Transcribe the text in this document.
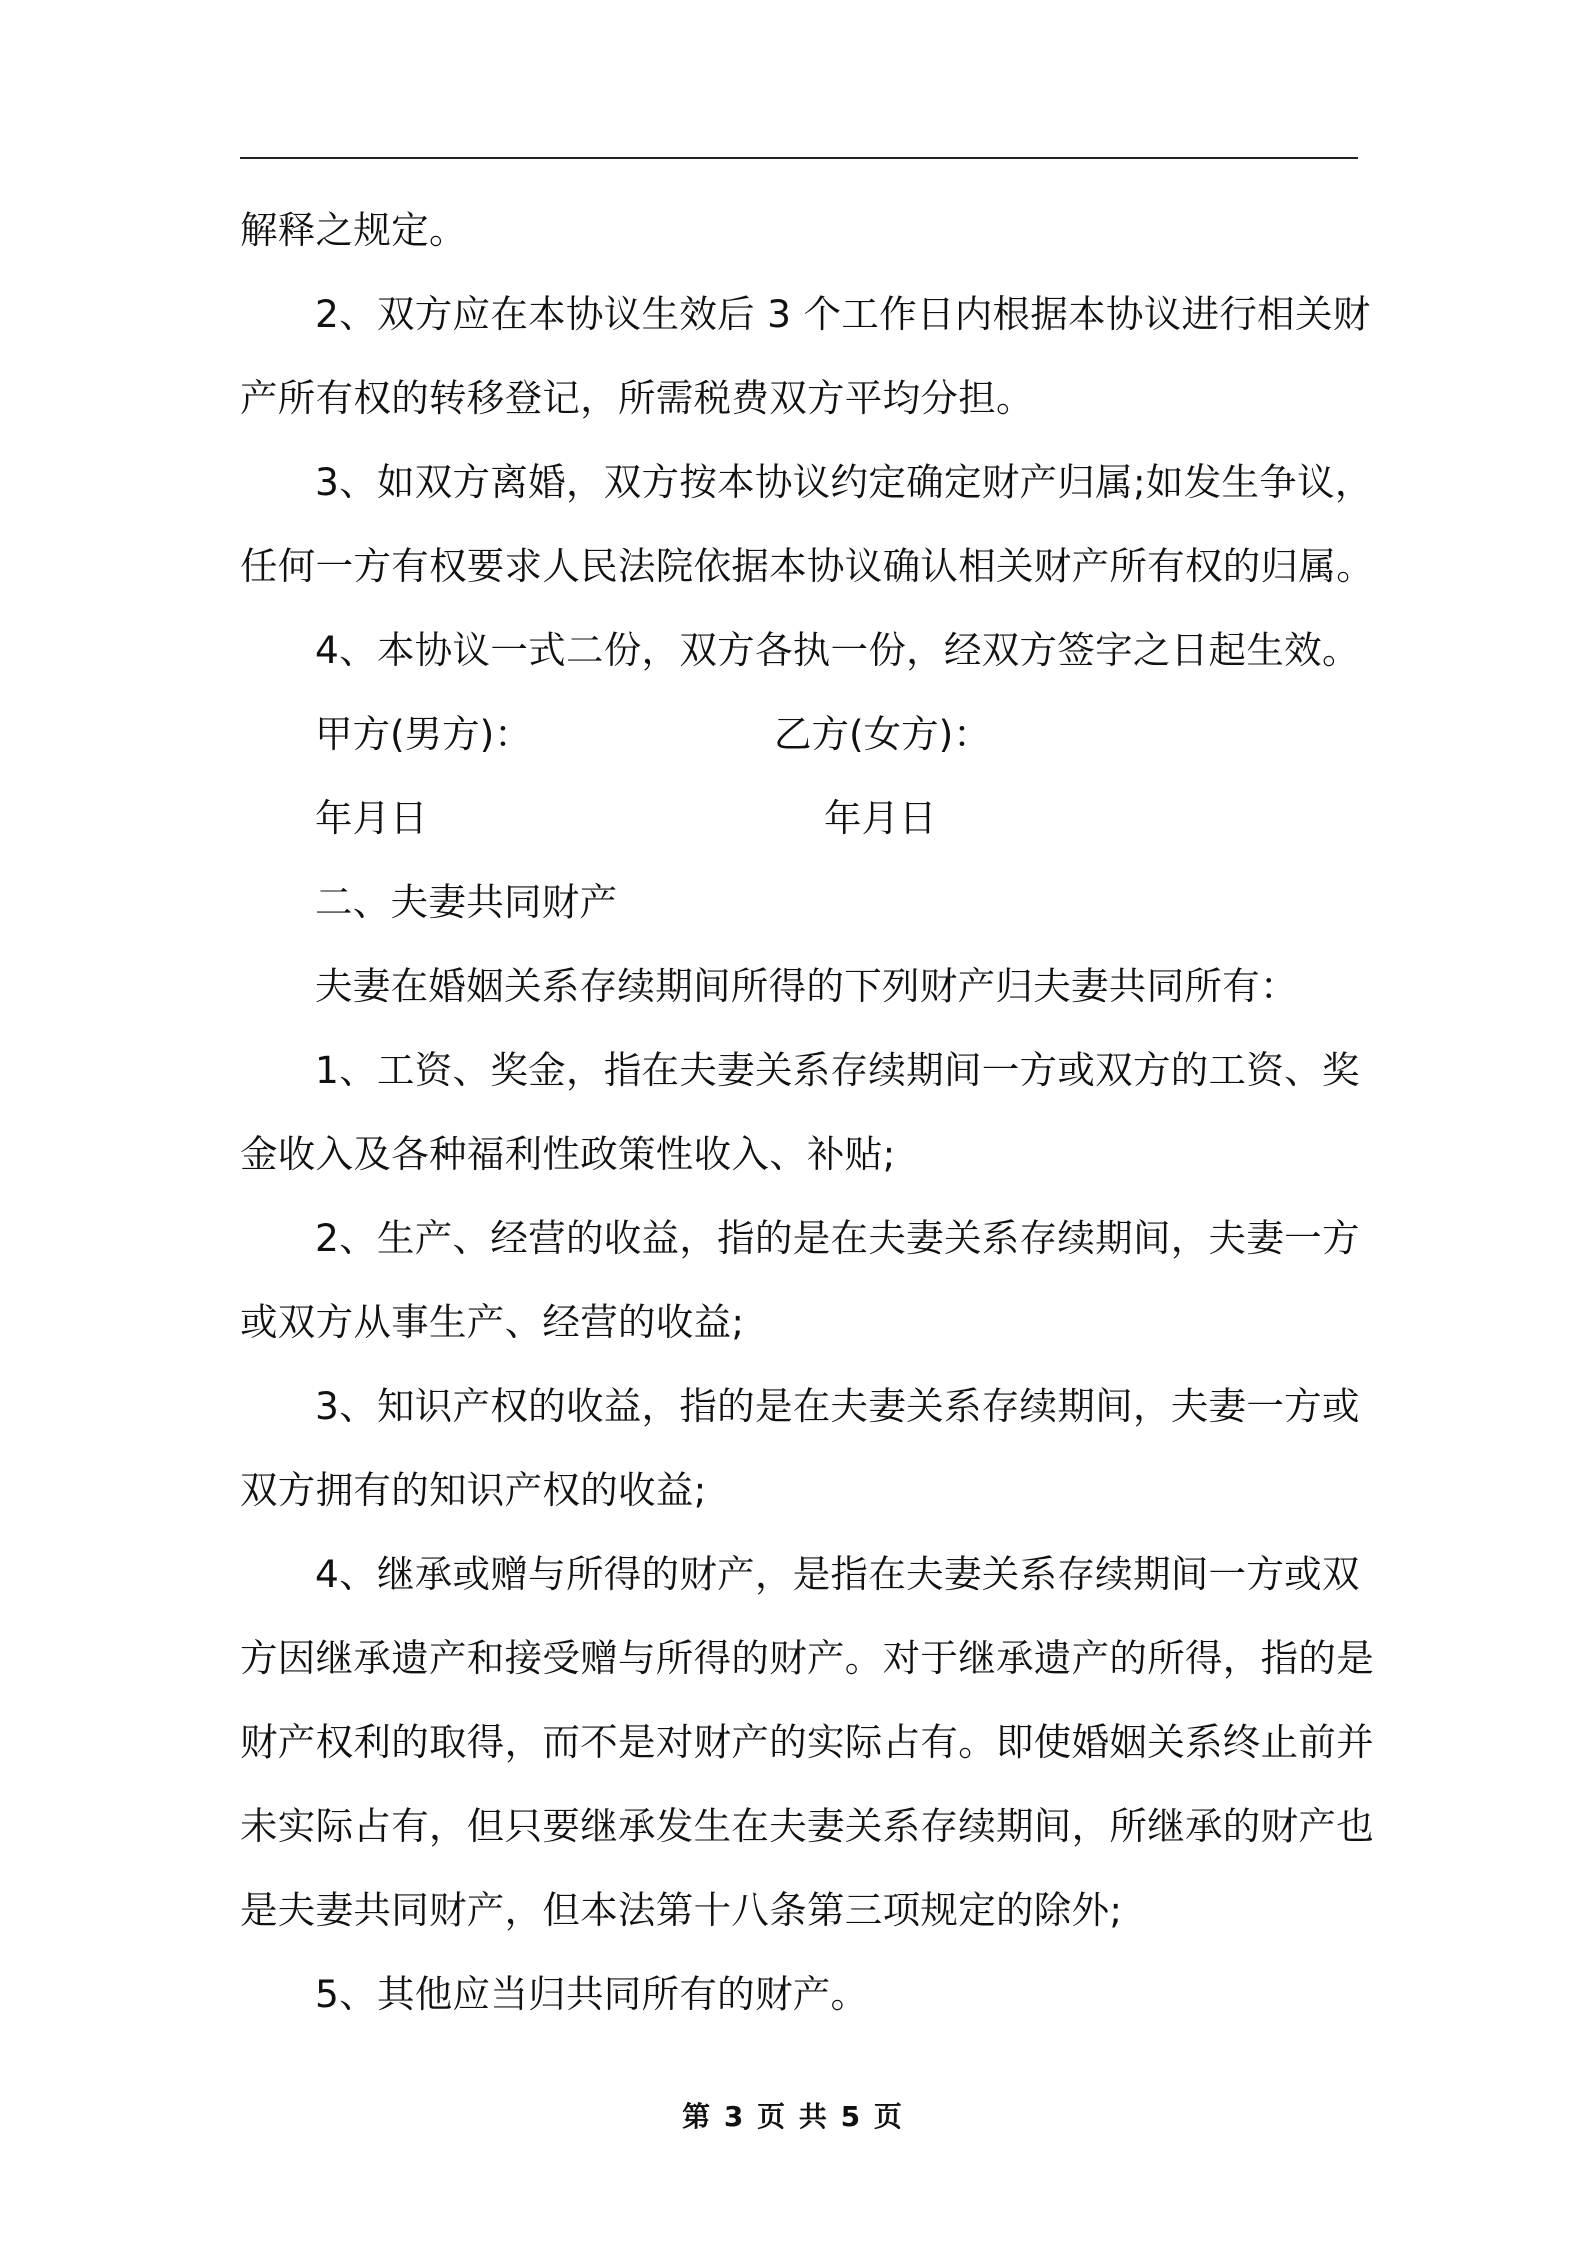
解释之规定。
2、双方应在本协议生效后 3 个工作日内根据本协议进行相关财
产所有权的转移登记，所需税费双方平均分担。
3、如双方离婚，双方按本协议约定确定财产归属;如发生争议，
任何一方有权要求人民法院依据本协议确认相关财产所有权的归属。
4、本协议一式二份，双方各执一份，经双方签字之日起生效。
甲方(男方)：	乙方(女方)：
年月日	年月日
二、夫妻共同财产
夫妻在婚姻关系存续期间所得的下列财产归夫妻共同所有：
1、工资、奖金，指在夫妻关系存续期间一方或双方的工资、奖
金收入及各种福利性政策性收入、补贴;
2、生产、经营的收益，指的是在夫妻关系存续期间，夫妻一方
或双方从事生产、经营的收益;
3、知识产权的收益，指的是在夫妻关系存续期间，夫妻一方或
双方拥有的知识产权的收益;
4、继承或赠与所得的财产，是指在夫妻关系存续期间一方或双
方因继承遗产和接受赠与所得的财产。对于继承遗产的所得，指的是
财产权利的取得，而不是对财产的实际占有。即使婚姻关系终止前并
未实际占有，但只要继承发生在夫妻关系存续期间，所继承的财产也
是夫妻共同财产，但本法第十八条第三项规定的除外;
5、其他应当归共同所有的财产。
第 3 页 共 5 页
